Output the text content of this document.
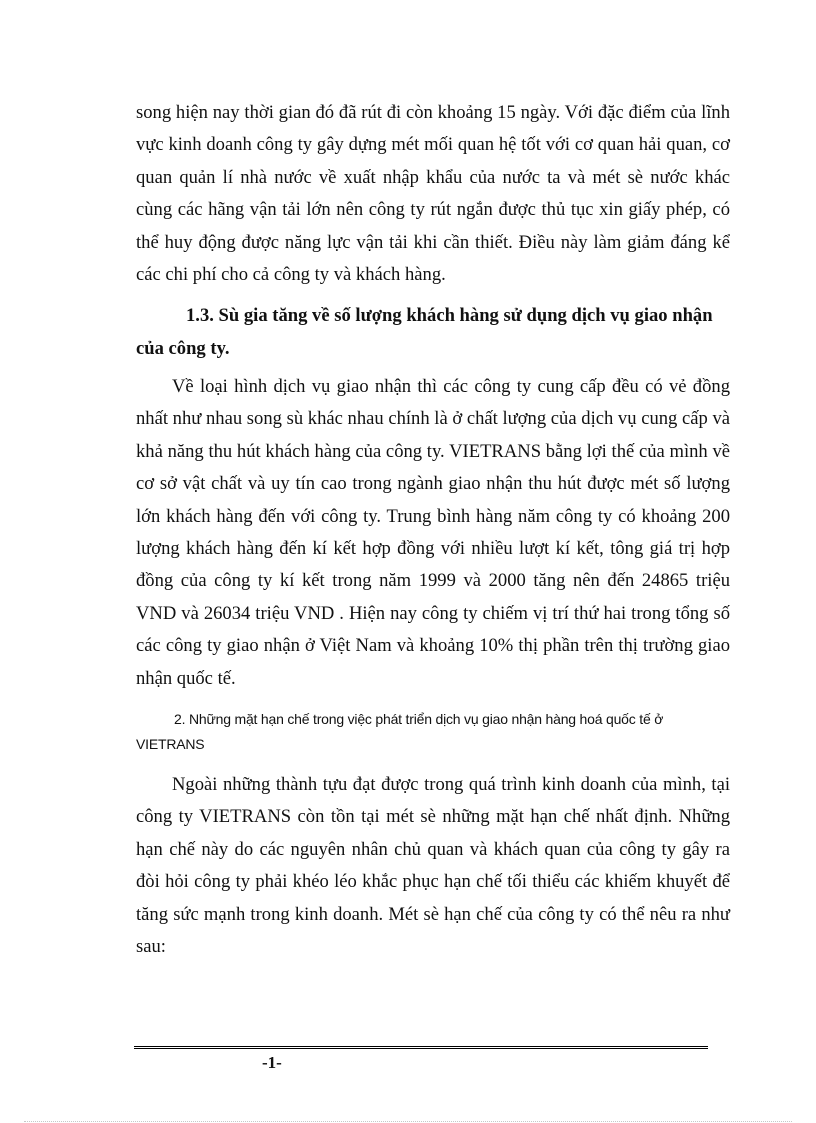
song hiện nay thời gian đó đã rút đi còn khoảng 15 ngày. Với đặc điểm của lĩnh vực kinh doanh công ty gây dựng mét mối quan hệ tốt với cơ quan hải quan, cơ quan quản lí nhà nước về xuất nhập khẩu của nước ta và mét sè nước khác cùng các hãng vận tải lớn nên công ty rút ngắn được thủ tục xin giấy phép, có thể huy động được năng lực vận tải khi cần thiết. Điều này làm giảm đáng kể các chi phí cho cả công ty và khách hàng.

1.3. Sù gia tăng về số lượng khách hàng sử dụng dịch vụ giao nhận của công ty.

Về loại hình dịch vụ giao nhận thì các công ty cung cấp đều có vẻ đồng nhất như nhau song sù khác nhau chính là ở chất lượng của dịch vụ cung cấp và khả năng thu hút khách hàng của công ty. VIETRANS bằng lợi thế của mình về cơ sở vật chất và uy tín cao trong ngành giao nhận thu hút được mét số lượng lớn khách hàng đến với công ty. Trung bình hàng năm công ty có khoảng 200 lượng khách hàng đến kí kết hợp đồng với nhiều lượt kí kết, tông giá trị hợp đồng của công ty kí kết trong năm 1999 và 2000 tăng nên đến 24865 triệu VND và 26034 triệu VND . Hiện nay công ty chiếm vị trí thứ hai trong tổng số các công ty giao nhận ở Việt Nam và khoảng 10% thị phần trên thị trường giao nhận quốc tế.

2. Những mặt hạn chế trong việc phát triển dịch vụ giao nhận hàng hoá quốc tế ở VIETRANS

Ngoài những thành tựu đạt được trong quá trình kinh doanh của mình, tại công ty VIETRANS còn tồn tại mét sè những mặt hạn chế nhất định. Những hạn chế này do các nguyên nhân chủ quan và khách quan của công ty gây ra đòi hỏi công ty phải khéo léo khắc phục hạn chế tối thiểu các khiếm khuyết để tăng sức mạnh trong kinh doanh. Mét sè hạn chế của công ty có thể nêu ra như sau:

-1-
